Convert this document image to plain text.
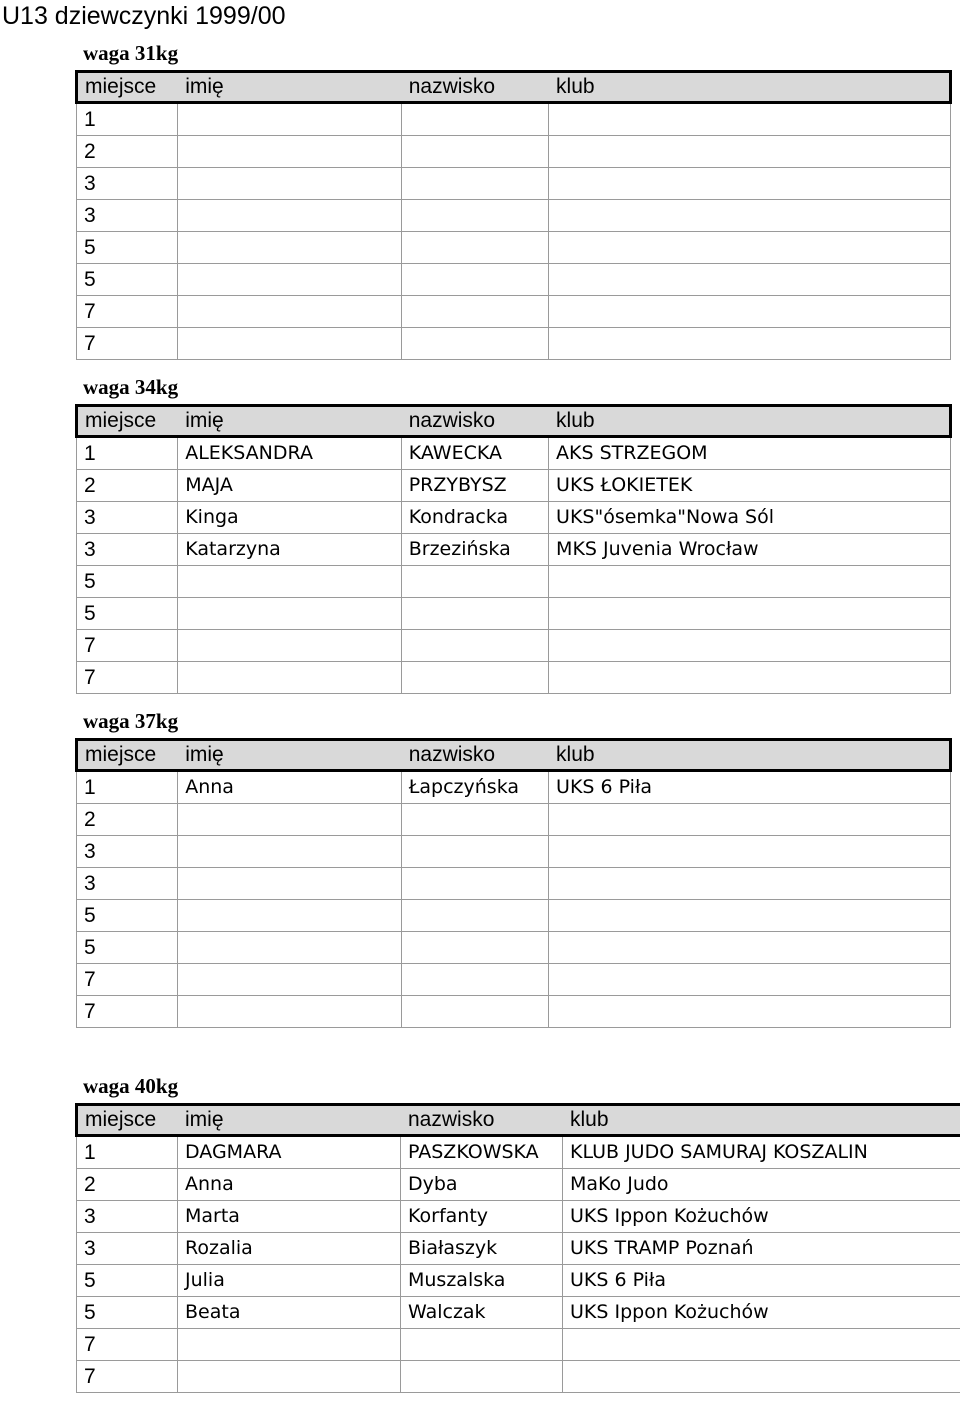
U13 dziewczynki 1999/00
waga 31kg
miejsce	imię	nazwisko	klub
1			
2			
3			
3			
5			
5			
7			
7			
waga 34kg
miejsce	imię	nazwisko	klub
1	ALEKSANDRA	KAWECKA	AKS STRZEGOM
2	MAJA	PRZYBYSZ	UKS ŁOKIETEK
3	Kinga	Kondracka	UKS"ósemka"Nowa Sól
3	Katarzyna	Brzezińska	MKS Juvenia Wrocław
5			
5			
7			
7			
waga 37kg
miejsce	imię	nazwisko	klub
1	Anna	Łapczyńska	UKS 6 Piła
2			
3			
3			
5			
5			
7			
7			
waga 40kg
miejsce	imię	nazwisko	klub
1	DAGMARA	PASZKOWSKA	KLUB JUDO SAMURAJ KOSZALIN
2	Anna	Dyba	MaKo Judo
3	Marta	Korfanty	UKS Ippon Kożuchów
3	Rozalia	Białaszyk	UKS TRAMP Poznań
5	Julia	Muszalska	UKS 6 Piła
5	Beata	Walczak	UKS Ippon Kożuchów
7			
7			
